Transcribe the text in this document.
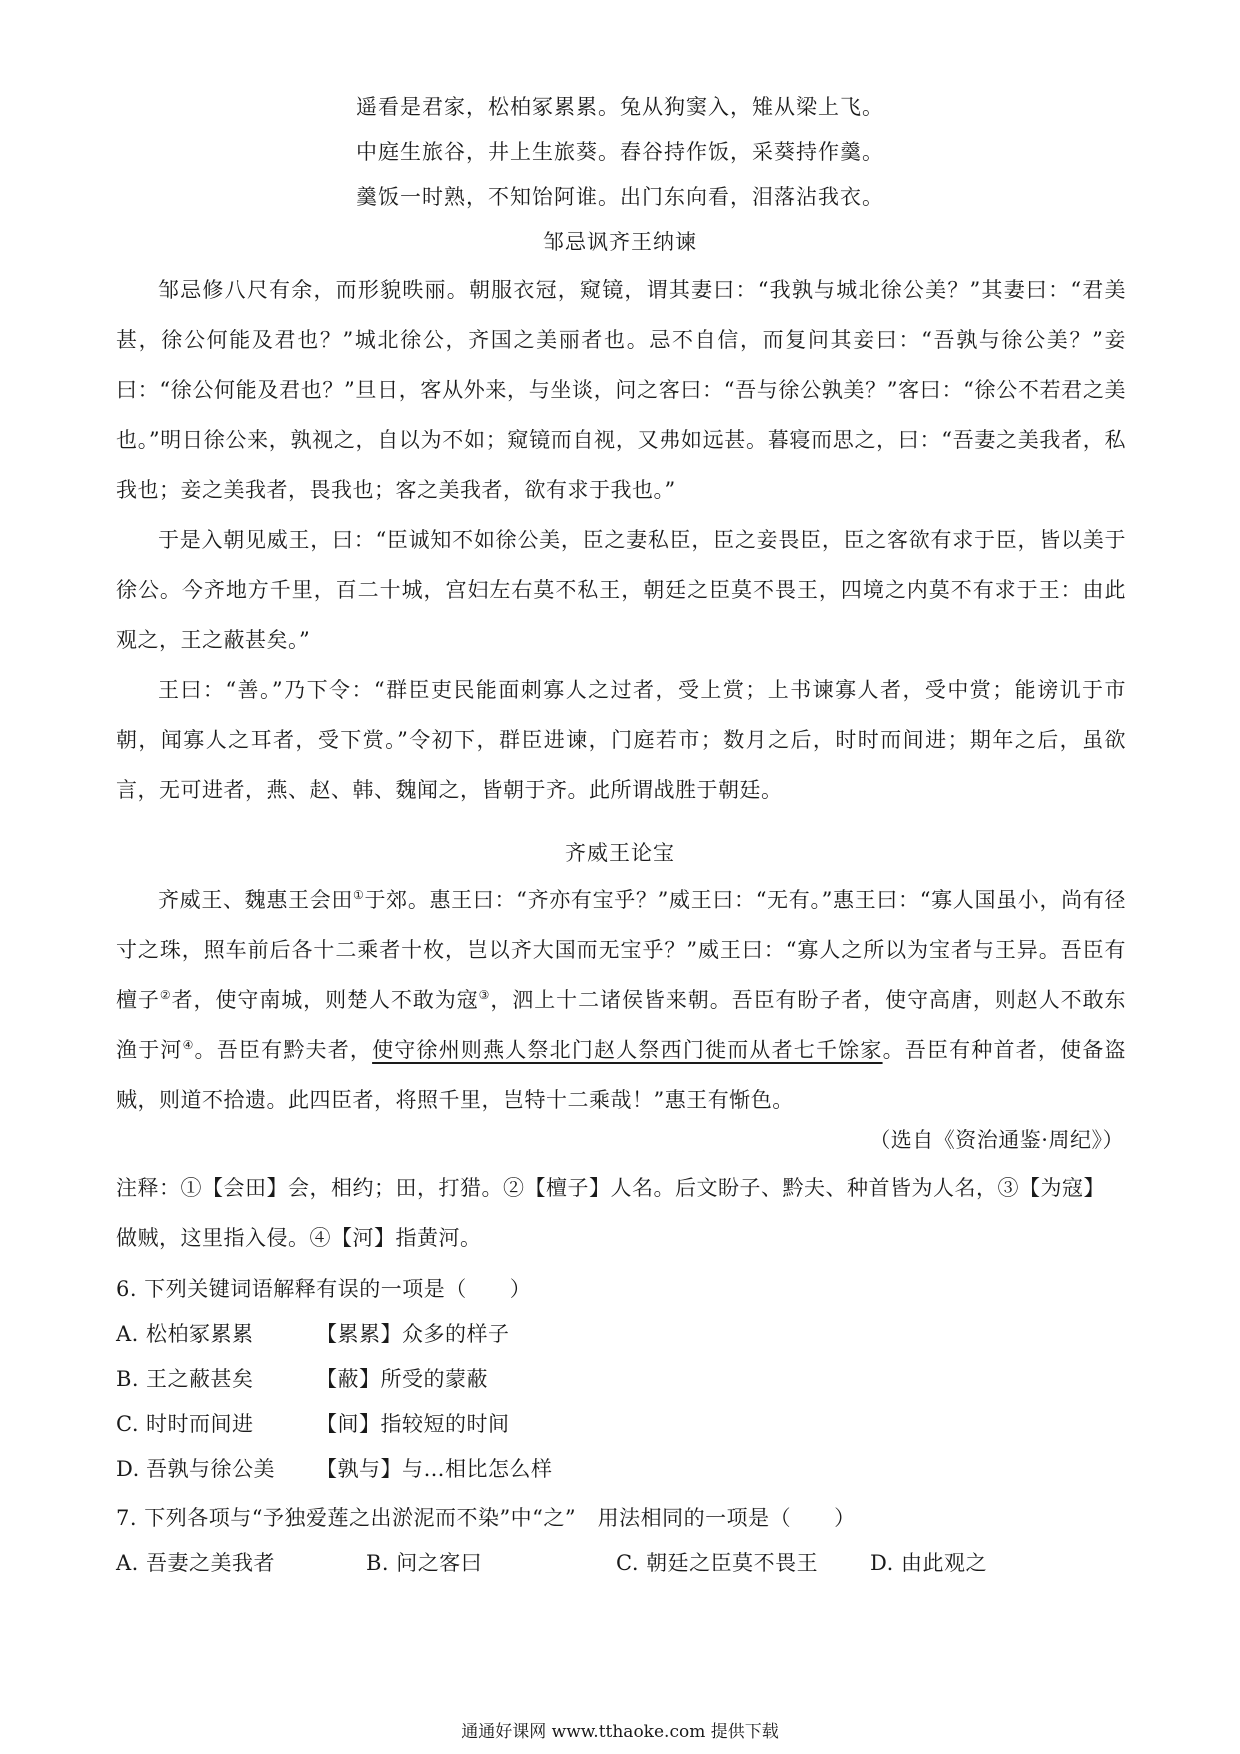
遥看是君家，松柏冢累累。兔从狗窦入，雉从梁上飞。
中庭生旅谷，井上生旅葵。舂谷持作饭，采葵持作羹。
羹饭一时熟，不知饴阿谁。出门东向看，泪落沾我衣。
邹忌讽齐王纳谏

邹忌修八尺有余，而形貌昳丽。朝服衣冠，窥镜，谓其妻曰：“我孰与城北徐公美？”其妻曰：“君美甚，徐公何能及君也？”城北徐公，齐国之美丽者也。忌不自信，而复问其妾曰：“吾孰与徐公美？”妾曰：“徐公何能及君也？”旦日，客从外来，与坐谈，问之客曰：“吾与徐公孰美？”客曰：“徐公不若君之美也。”明日徐公来，孰视之，自以为不如；窥镜而自视，又弗如远甚。暮寝而思之，曰：“吾妻之美我者，私我也；妾之美我者，畏我也；客之美我者，欲有求于我也。”

于是入朝见威王，曰：“臣诚知不如徐公美，臣之妻私臣，臣之妾畏臣，臣之客欲有求于臣，皆以美于徐公。今齐地方千里，百二十城，宫妇左右莫不私王，朝廷之臣莫不畏王，四境之内莫不有求于王：由此观之，王之蔽甚矣。”

王曰：“善。”乃下令：“群臣吏民能面刺寡人之过者，受上赏；上书谏寡人者，受中赏；能谤讥于市朝，闻寡人之耳者，受下赏。”令初下，群臣进谏，门庭若市；数月之后，时时而间进；期年之后，虽欲言，无可进者，燕、赵、韩、魏闻之，皆朝于齐。此所谓战胜于朝廷。

齐威王论宝

齐威王、魏惠王会田①于郊。惠王曰：“齐亦有宝乎？”威王曰：“无有。”惠王曰：“寡人国虽小，尚有径寸之珠，照车前后各十二乘者十枚，岂以齐大国而无宝乎？”威王曰：“寡人之所以为宝者与王异。吾臣有檀子②者，使守南城，则楚人不敢为寇③，泗上十二诸侯皆来朝。吾臣有盼子者，使守高唐，则赵人不敢东渔于河④。吾臣有黔夫者，使守徐州则燕人祭北门赵人祭西门徙而从者七千馀家。吾臣有种首者，使备盗贼，则道不拾遗。此四臣者，将照千里，岂特十二乘哉！”惠王有惭色。

（选自《资治通鉴·周纪》）

注释：①【会田】会，相约；田，打猎。②【檀子】人名。后文盼子、黔夫、种首皆为人名，③【为寇】做贼，这里指入侵。④【河】指黄河。

6. 下列关键词语解释有误的一项是（　　）
A. 松柏冢累累	【累累】众多的样子
B. 王之蔽甚矣	【蔽】所受的蒙蔽
C. 时时而间进	【间】指较短的时间
D. 吾孰与徐公美 【孰与】与…相比怎么样
7. 下列各项与“予独爱莲之出淤泥而不染”中“之”　用法相同的一项是（　　）
A. 吾妻之美我者	B. 问之客曰	C. 朝廷之臣莫不畏王 D. 由此观之
通通好课网 www.tthaoke.com 提供下载
